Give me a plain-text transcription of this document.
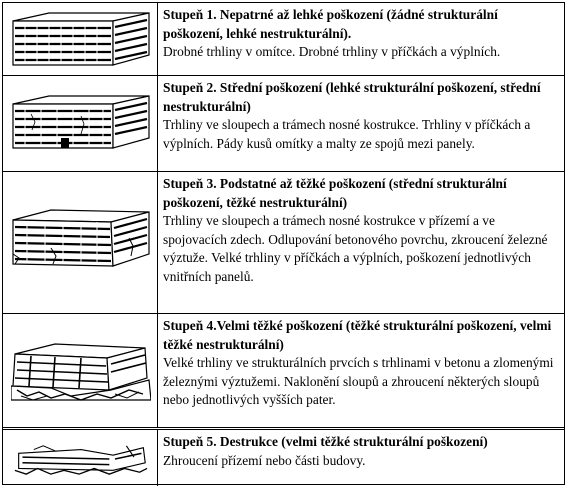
Stupeň 1. Nepatrné až lehké poškození (žádné strukturální poškození, lehké nestrukturální).
Drobné trhliny v omítce. Drobné trhliny v příčkách a výplních.
Stupeň 2. Střední poškození (lehké strukturální poškození, střední nestrukturální)
Trhliny ve sloupech a trámech nosné kostrukce. Trhliny v příčkách a výplních. Pády kusů omítky a malty ze spojů mezi panely.
Stupeň 3. Podstatné až těžké poškození (střední strukturální poškození, těžké nestrukturální)
Trhliny ve sloupech a trámech nosné kostrukce v přízemí a ve spojovacích zdech. Odlupování betonového povrchu, zkroucení železné výztuže. Velké trhliny v příčkách a výplních, poškození jednotlivých vnitřních panelů.
Stupeň 4.Velmi těžké poškození (těžké strukturální poškození, velmi těžké nestrukturální)
Velké trhliny ve strukturálních prvcích s trhlinami v betonu a zlomenými železnými výztužemi. Naklonění sloupů a zhroucení některých sloupů nebo jednotlivých vyšších pater.
Stupeň 5. Destrukce (velmi těžké strukturální poškození)
Zhroucení přízemí nebo části budovy.
